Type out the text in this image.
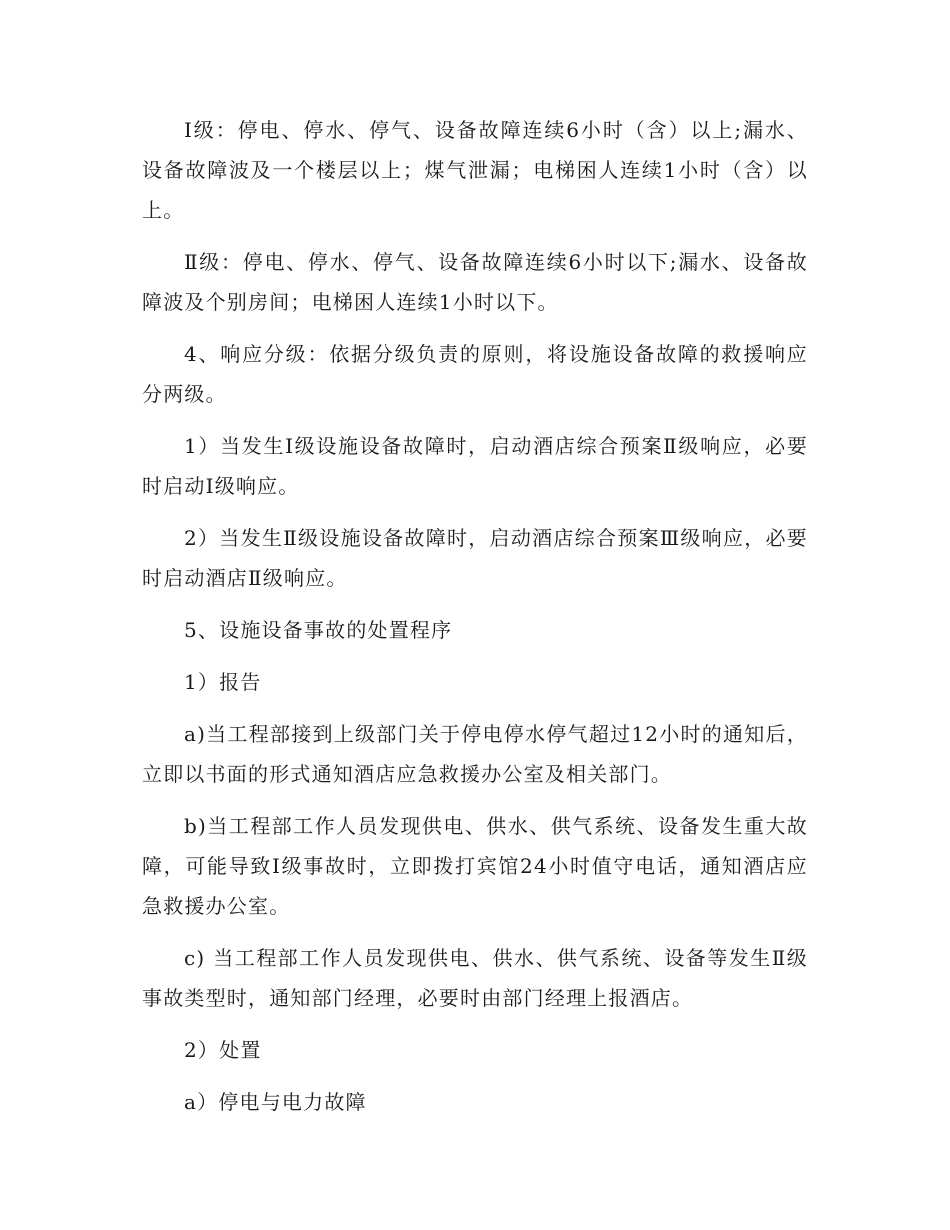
Ⅰ级：停电、停水、停气、设备故障连续6小时（含）以上;漏水、设备故障波及一个楼层以上；煤气泄漏；电梯困人连续1小时（含）以上。

Ⅱ级：停电、停水、停气、设备故障连续6小时以下;漏水、设备故障波及个别房间；电梯困人连续1小时以下。

4、响应分级：依据分级负责的原则，将设施设备故障的救援响应分两级。

1）当发生Ⅰ级设施设备故障时，启动酒店综合预案Ⅱ级响应，必要时启动Ⅰ级响应。

2）当发生Ⅱ级设施设备故障时，启动酒店综合预案Ⅲ级响应，必要时启动酒店Ⅱ级响应。

5、设施设备事故的处置程序

1）报告

a)当工程部接到上级部门关于停电停水停气超过12小时的通知后，立即以书面的形式通知酒店应急救援办公室及相关部门。

b)当工程部工作人员发现供电、供水、供气系统、设备发生重大故障，可能导致Ⅰ级事故时，立即拨打宾馆24小时值守电话，通知酒店应急救援办公室。

c) 当工程部工作人员发现供电、供水、供气系统、设备等发生Ⅱ级事故类型时，通知部门经理，必要时由部门经理上报酒店。

2）处置

a）停电与电力故障
